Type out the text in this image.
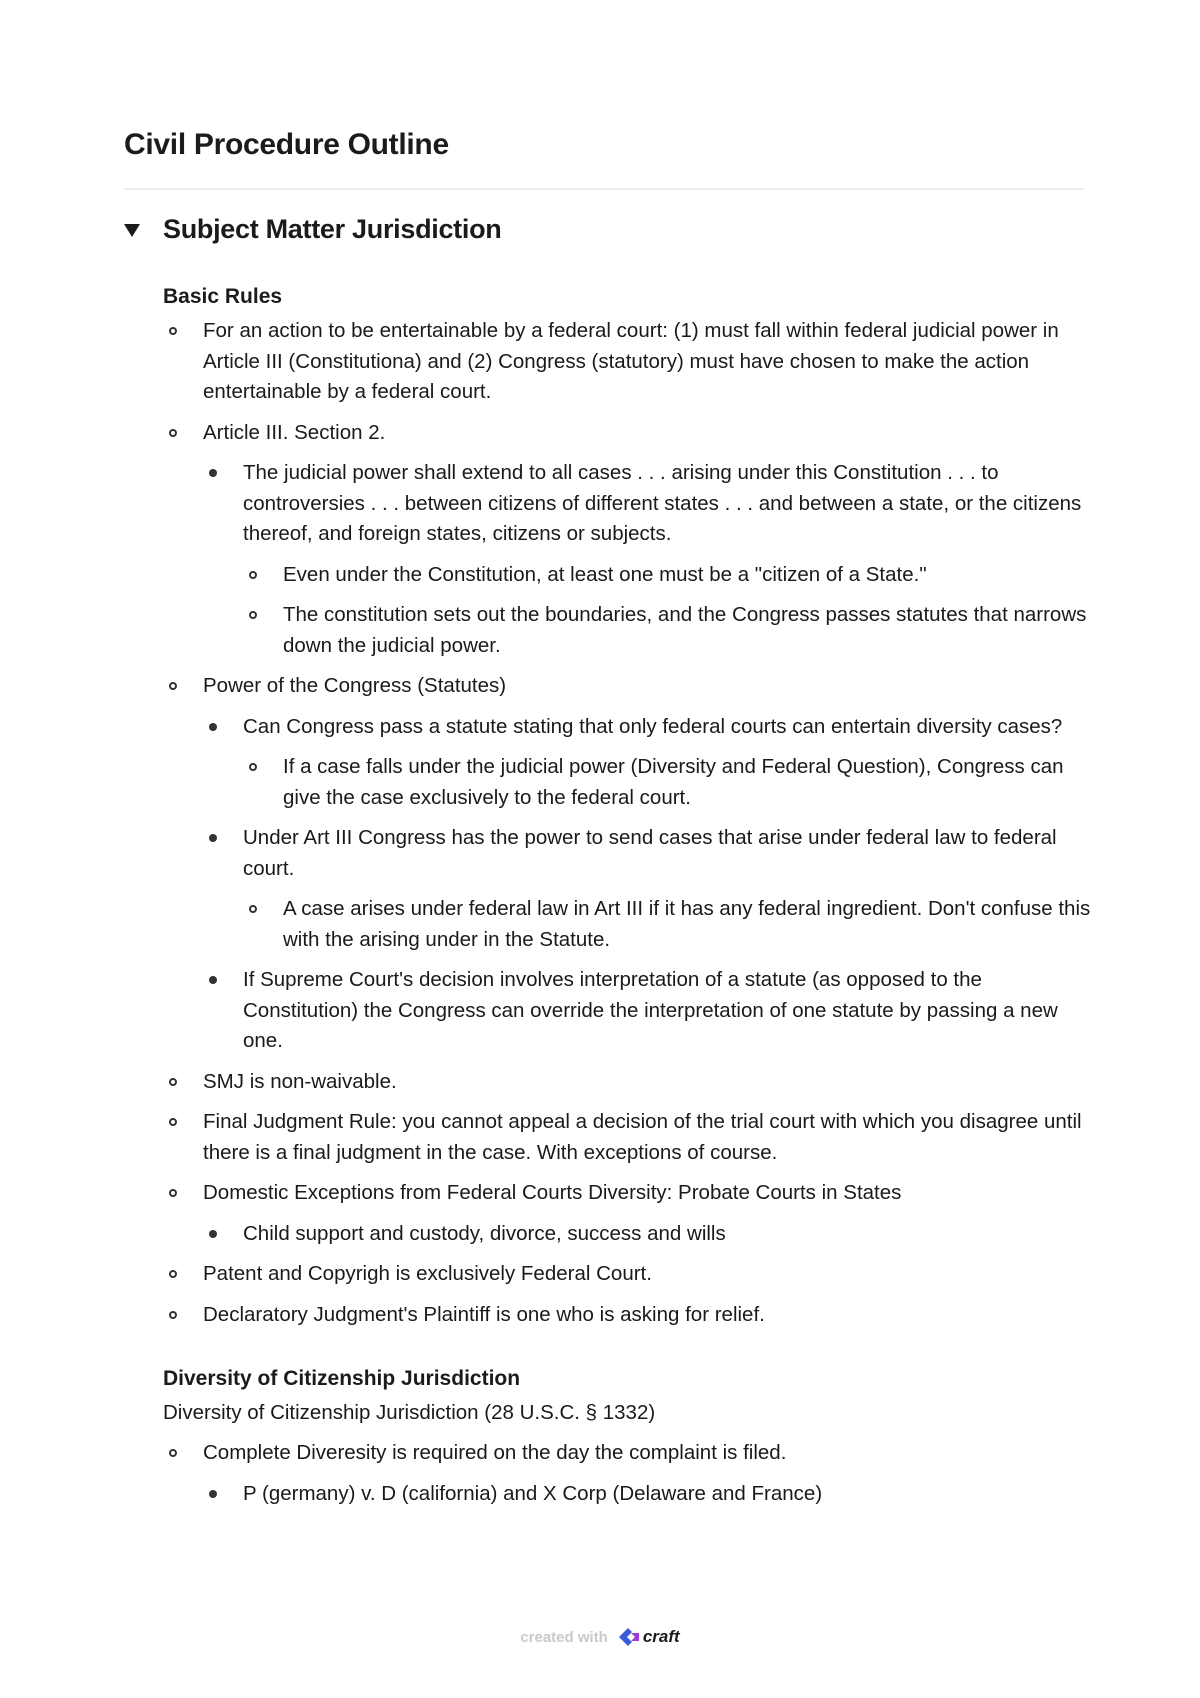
Civil Procedure Outline
Subject Matter Jurisdiction
Basic Rules
For an action to be entertainable by a federal court: (1) must fall within federal judicial power in Article III (Constitutiona) and (2) Congress (statutory) must have chosen to make the action entertainable by a federal court.
Article III. Section 2.
The judicial power shall extend to all cases . . . arising under this Constitution . . . to controversies . . . between citizens of different states . . . and between a state, or the citizens thereof, and foreign states, citizens or subjects.
Even under the Constitution, at least one must be a "citizen of a State."
The constitution sets out the boundaries, and the Congress passes statutes that narrows down the judicial power.
Power of the Congress (Statutes)
Can Congress pass a statute stating that only federal courts can entertain diversity cases?
If a case falls under the judicial power (Diversity and Federal Question), Congress can give the case exclusively to the federal court.
Under Art III Congress has the power to send cases that arise under federal law to federal court.
A case arises under federal law in Art III if it has any federal ingredient. Don't confuse this with the arising under in the Statute.
If Supreme Court's decision involves interpretation of a statute (as opposed to the Constitution) the Congress can override the interpretation of one statute by passing a new one.
SMJ is non-waivable.
Final Judgment Rule: you cannot appeal a decision of the trial court with which you disagree until there is a final judgment in the case. With exceptions of course.
Domestic Exceptions from Federal Courts Diversity: Probate Courts in States
Child support and custody, divorce, success and wills
Patent and Copyrigh is exclusively Federal Court.
Declaratory Judgment's Plaintiff is one who is asking for relief.
Diversity of Citizenship Jurisdiction

Diversity of Citizenship Jurisdiction (28 U.S.C. § 1332)

Complete Diveresity is required on the day the complaint is filed.
P (germany) v. D (california) and X Corp (Delaware and France)
created with craft
